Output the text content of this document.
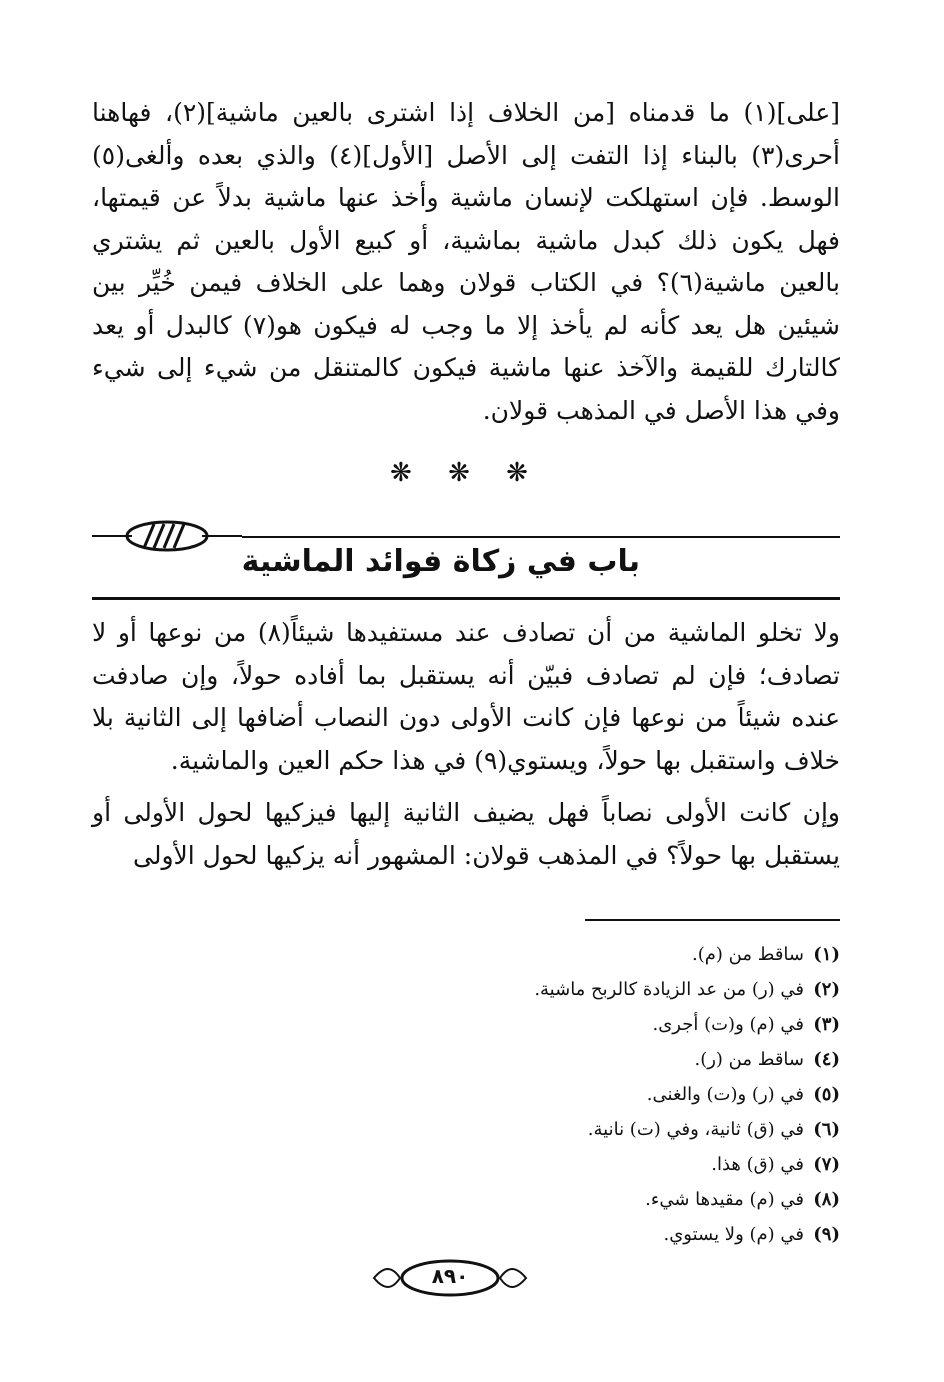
[على](١) ما قدمناه [من الخلاف إذا اشترى بالعين ماشية](٢)، فهاهنا أحرى(٣) بالبناء إذا التفت إلى الأصل [الأول](٤) والذي بعده وألغى(٥) الوسط. فإن استهلكت لإنسان ماشية وأخذ عنها ماشية بدلاً عن قيمتها، فهل يكون ذلك كبدل ماشية بماشية، أو كبيع الأول بالعين ثم يشتري بالعين ماشية(٦)؟ في الكتاب قولان وهما على الخلاف فيمن خُيِّر بين شيئين هل يعد كأنه لم يأخذ إلا ما وجب له فيكون هو(٧) كالبدل أو يعد كالتارك للقيمة والآخذ عنها ماشية فيكون كالمتنقل من شيء إلى شيء وفي هذا الأصل في المذهب قولان.

❋ ❋ ❋
باب في زكاة فوائد الماشية

ولا تخلو الماشية من أن تصادف عند مستفيدها شيئاً(٨) من نوعها أو لا تصادف؛ فإن لم تصادف فبيّن أنه يستقبل بما أفاده حولاً، وإن صادفت عنده شيئاً من نوعها فإن كانت الأولى دون النصاب أضافها إلى الثانية بلا خلاف واستقبل بها حولاً، ويستوي(٩) في هذا حكم العين والماشية.

وإن كانت الأولى نصاباً فهل يضيف الثانية إليها فيزكيها لحول الأولى أو يستقبل بها حولاً؟ في المذهب قولان: المشهور أنه يزكيها لحول الأولى

(١)
ساقط من (م).
(٢)
في (ر) من عد الزيادة كالربح ماشية.
(٣)
في (م) و(ت) أجرى.
(٤)
ساقط من (ر).
(٥)
في (ر) و(ت) والغنى.
(٦)
في (ق) ثانية، وفي (ت) نانية.
(٧)
في (ق) هذا.
(٨)
في (م) مقيدها شيء.
(٩)
في (م) ولا يستوي.
٨٩٠
